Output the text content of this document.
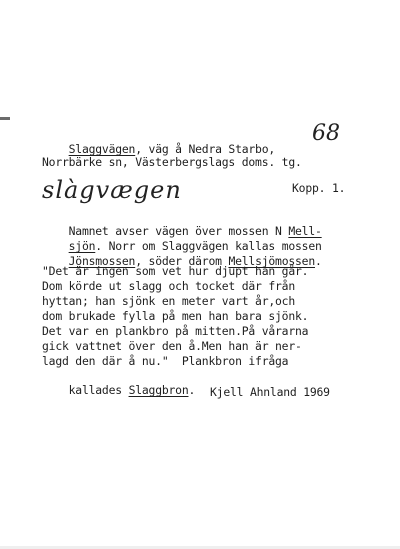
Slaggvägen, väg å Nedra Starbo,

68
Norrbärke sn, Västerbergslags doms. tg.
slàgvægen	Kopp. 1.

Namnet avser vägen över mossen N Mell-

sjön. Norr om Slaggvägen kallas mossen

Jönsmossen, söder därom Mellsjömossen.

"Det är ingen som vet hur djupt han går.
Dom körde ut slagg och tocket där från
hyttan; han sjönk en meter vart år,och
dom brukade fylla på men han bara sjönk.
Det var en plankbro på mitten.På vårarna
gick vattnet över den å.Men han är ner-
lagd den där å nu."  Plankbron ifråga

kallades Slaggbron.
Kjell Ahnland 1969
